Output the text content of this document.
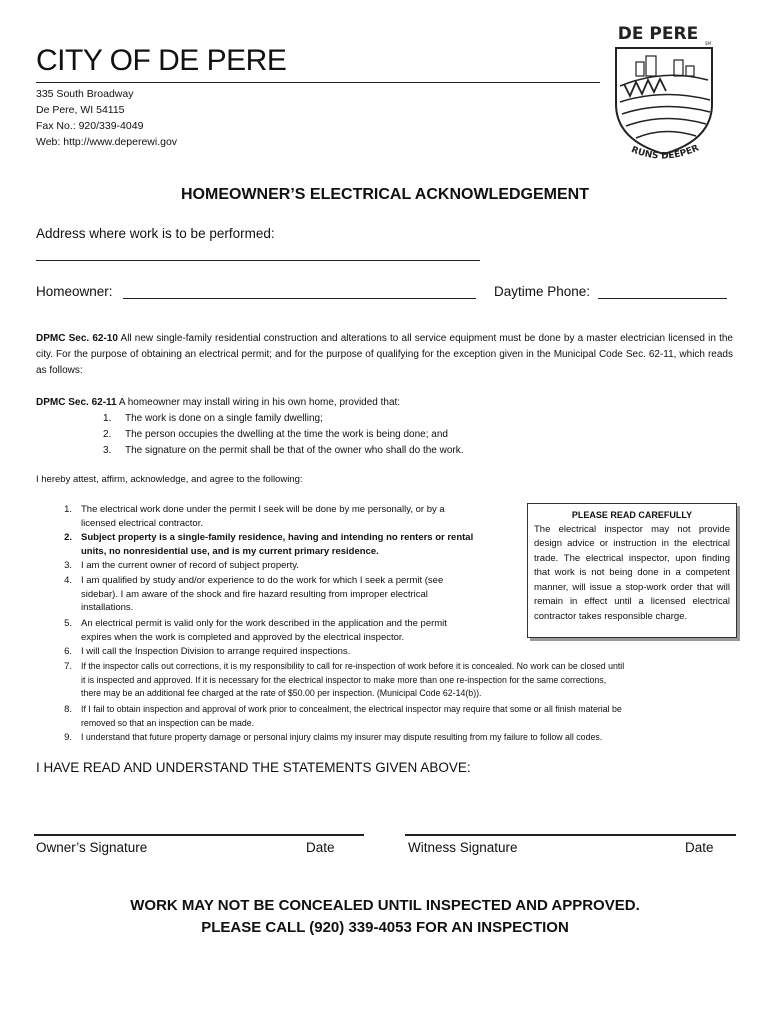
CITY OF DE PERE
335 South Broadway
De Pere, WI 54115
Fax No.: 920/339-4049
Web: http://www.deperewi.gov
DE PERE SM
RUNS DEEPER
HOMEOWNER’S ELECTRICAL ACKNOWLEDGEMENT
Address where work is to be performed:
Homeowner:	Daytime Phone:
DPMC Sec. 62-10 All new single-family residential construction and alterations to all service equipment must be done by a master electrician licensed in the city. For the purpose of obtaining an electrical permit; and for the purpose of qualifying for the exception given in the Municipal Code Sec. 62-11, which reads as follows:
DPMC Sec. 62-11 A homeowner may install wiring in his own home, provided that:
1. The work is done on a single family dwelling;
2. The person occupies the dwelling at the time the work is being done; and
3. The signature on the permit shall be that of the owner who shall do the work.
I hereby attest, affirm, acknowledge, and agree to the following:
1. The electrical work done under the permit I seek will be done by me personally, or by a
licensed electrical contractor.
2. Subject property is a single-family residence, having and intending no renters or rental
units, no nonresidential use, and is my current primary residence.
3. I am the current owner of record of subject property.
4. I am qualified by study and/or experience to do the work for which I seek a permit (see
sidebar). I am aware of the shock and fire hazard resulting from improper electrical
installations.
5. An electrical permit is valid only for the work described in the application and the permit
expires when the work is completed and approved by the electrical inspector.
6. I will call the Inspection Division to arrange required inspections.
7. If the inspector calls out corrections, it is my responsibility to call for re-inspection of work before it is concealed. No work can be closed until
it is inspected and approved. If it is necessary for the electrical inspector to make more than one re-inspection for the same corrections,
there may be an additional fee charged at the rate of $50.00 per inspection. (Municipal Code 62-14(b)).
8. If I fail to obtain inspection and approval of work prior to concealment, the electrical inspector may require that some or all finish material be
removed so that an inspection can be made.
9. I understand that future property damage or personal injury claims my insurer may dispute resulting from my failure to follow all codes.
PLEASE READ CAREFULLY
The electrical inspector may not provide design advice or instruction in the electrical trade. The electrical inspector, upon finding that work is not being done in a competent manner, will issue a stop-work order that will remain in effect until a licensed electrical contractor takes responsible charge.
I HAVE READ AND UNDERSTAND THE STATEMENTS GIVEN ABOVE:
Owner’s Signature	Date	Witness Signature	Date
WORK MAY NOT BE CONCEALED UNTIL INSPECTED AND APPROVED.
PLEASE CALL (920) 339-4053 FOR AN INSPECTION
